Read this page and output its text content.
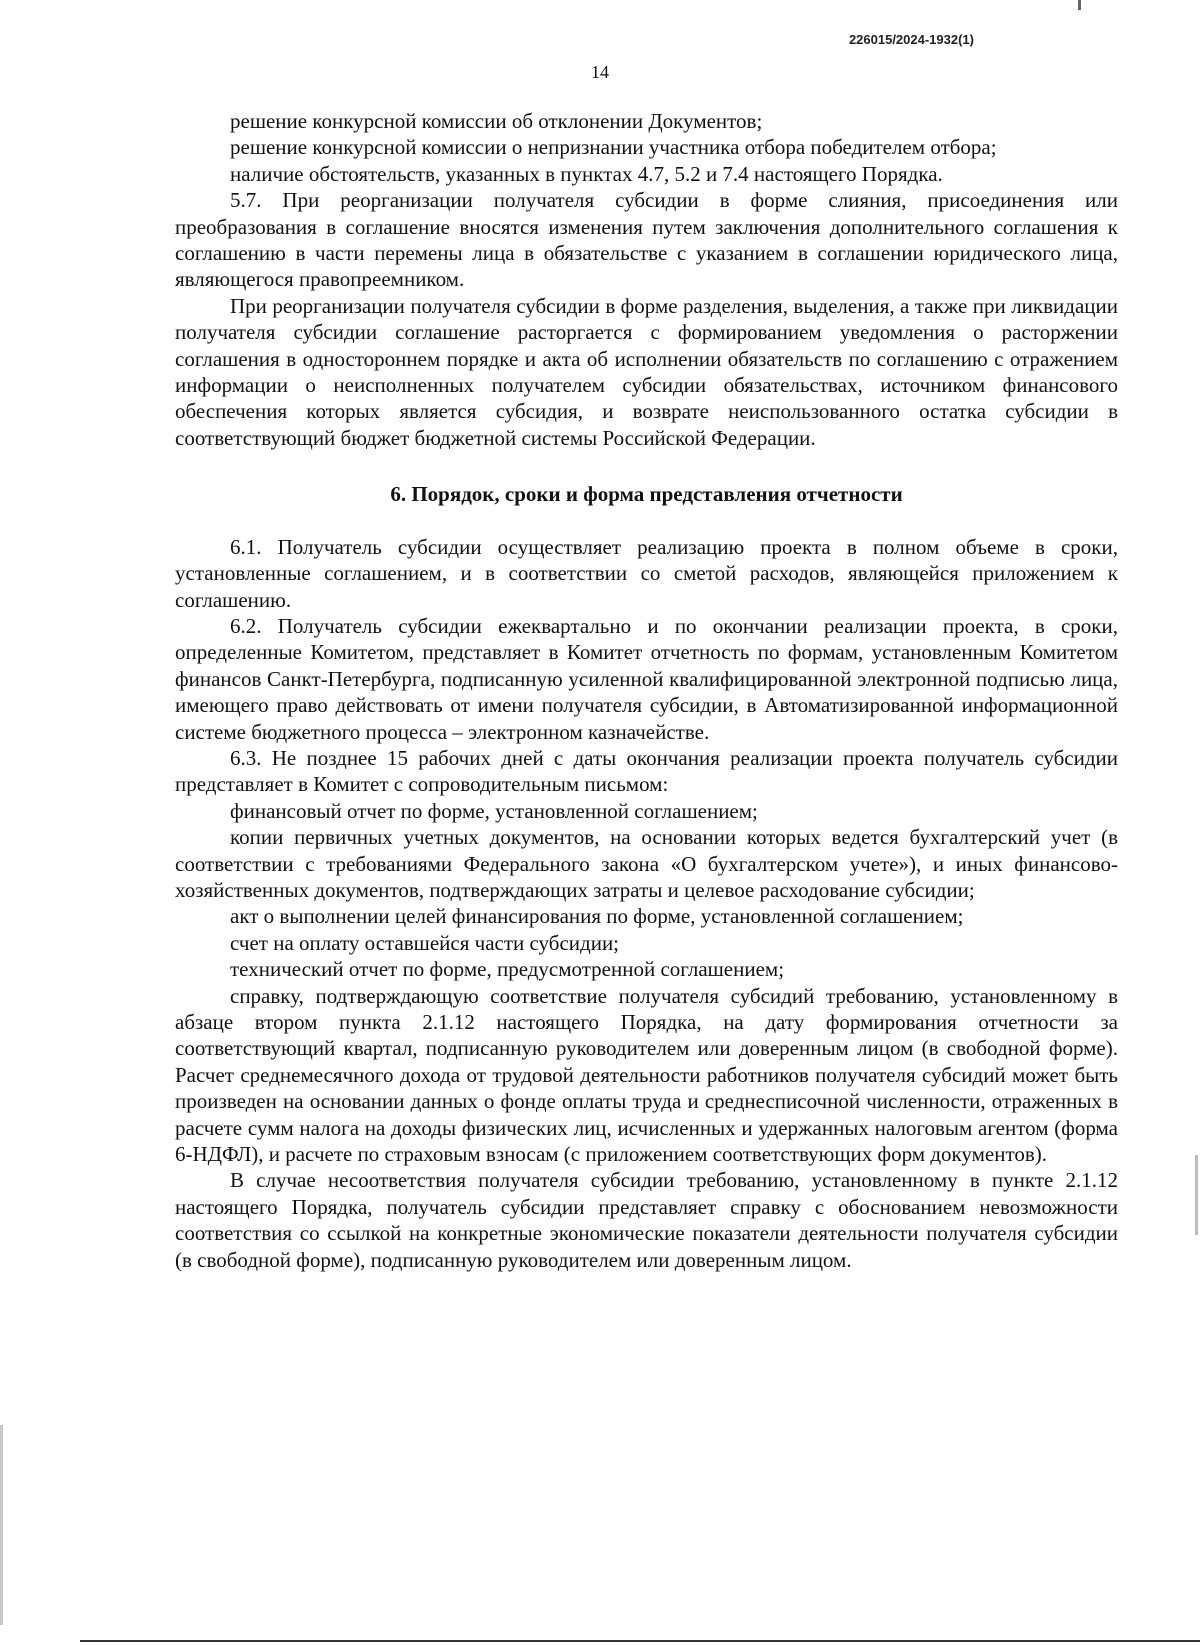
226015/2024-1932(1)
14

решение конкурсной комиссии об отклонении Документов;

решение конкурсной комиссии о непризнании участника отбора победителем отбора;

наличие обстоятельств, указанных в пунктах 4.7, 5.2 и 7.4 настоящего Порядка.

5.7. При реорганизации получателя субсидии в форме слияния, присоединения или преобразования в соглашение вносятся изменения путем заключения дополнительного соглашения к соглашению в части перемены лица в обязательстве с указанием в соглашении юридического лица, являющегося правопреемником.

При реорганизации получателя субсидии в форме разделения, выделения, а также при ликвидации получателя субсидии соглашение расторгается с формированием уведомления о расторжении соглашения в одностороннем порядке и акта об исполнении обязательств по соглашению с отражением информации о неисполненных получателем субсидии обязательствах, источником финансового обеспечения которых является субсидия, и возврате неиспользованного остатка субсидии в соответствующий бюджет бюджетной системы Российской Федерации.

6. Порядок, сроки и форма представления отчетности

6.1. Получатель субсидии осуществляет реализацию проекта в полном объеме в сроки, установленные соглашением, и в соответствии со сметой расходов, являющейся приложением к соглашению.

6.2. Получатель субсидии ежеквартально и по окончании реализации проекта, в сроки, определенные Комитетом, представляет в Комитет отчетность по формам, установленным Комитетом финансов Санкт-Петербурга, подписанную усиленной квалифицированной электронной подписью лица, имеющего право действовать от имени получателя субсидии, в Автоматизированной информационной системе бюджетного процесса – электронном казначействе.

6.3. Не позднее 15 рабочих дней с даты окончания реализации проекта получатель субсидии представляет в Комитет с сопроводительным письмом:

финансовый отчет по форме, установленной соглашением;

копии первичных учетных документов, на основании которых ведется бухгалтерский учет (в соответствии с требованиями Федерального закона «О бухгалтерском учете»), и иных финансово-хозяйственных документов, подтверждающих затраты и целевое расходование субсидии;

акт о выполнении целей финансирования по форме, установленной соглашением;

счет на оплату оставшейся части субсидии;

технический отчет по форме, предусмотренной соглашением;

справку, подтверждающую соответствие получателя субсидий требованию, установленному в абзаце втором пункта 2.1.12 настоящего Порядка, на дату формирования отчетности за соответствующий квартал, подписанную руководителем или доверенным лицом (в свободной форме). Расчет среднемесячного дохода от трудовой деятельности работников получателя субсидий может быть произведен на основании данных о фонде оплаты труда и среднесписочной численности, отраженных в расчете сумм налога на доходы физических лиц, исчисленных и удержанных налоговым агентом (форма 6-НДФЛ), и расчете по страховым взносам (с приложением соответствующих форм документов).

В случае несоответствия получателя субсидии требованию, установленному в пункте 2.1.12 настоящего Порядка, получатель субсидии представляет справку с обоснованием невозможности соответствия со ссылкой на конкретные экономические показатели деятельности получателя субсидии (в свободной форме), подписанную руководителем или доверенным лицом.
